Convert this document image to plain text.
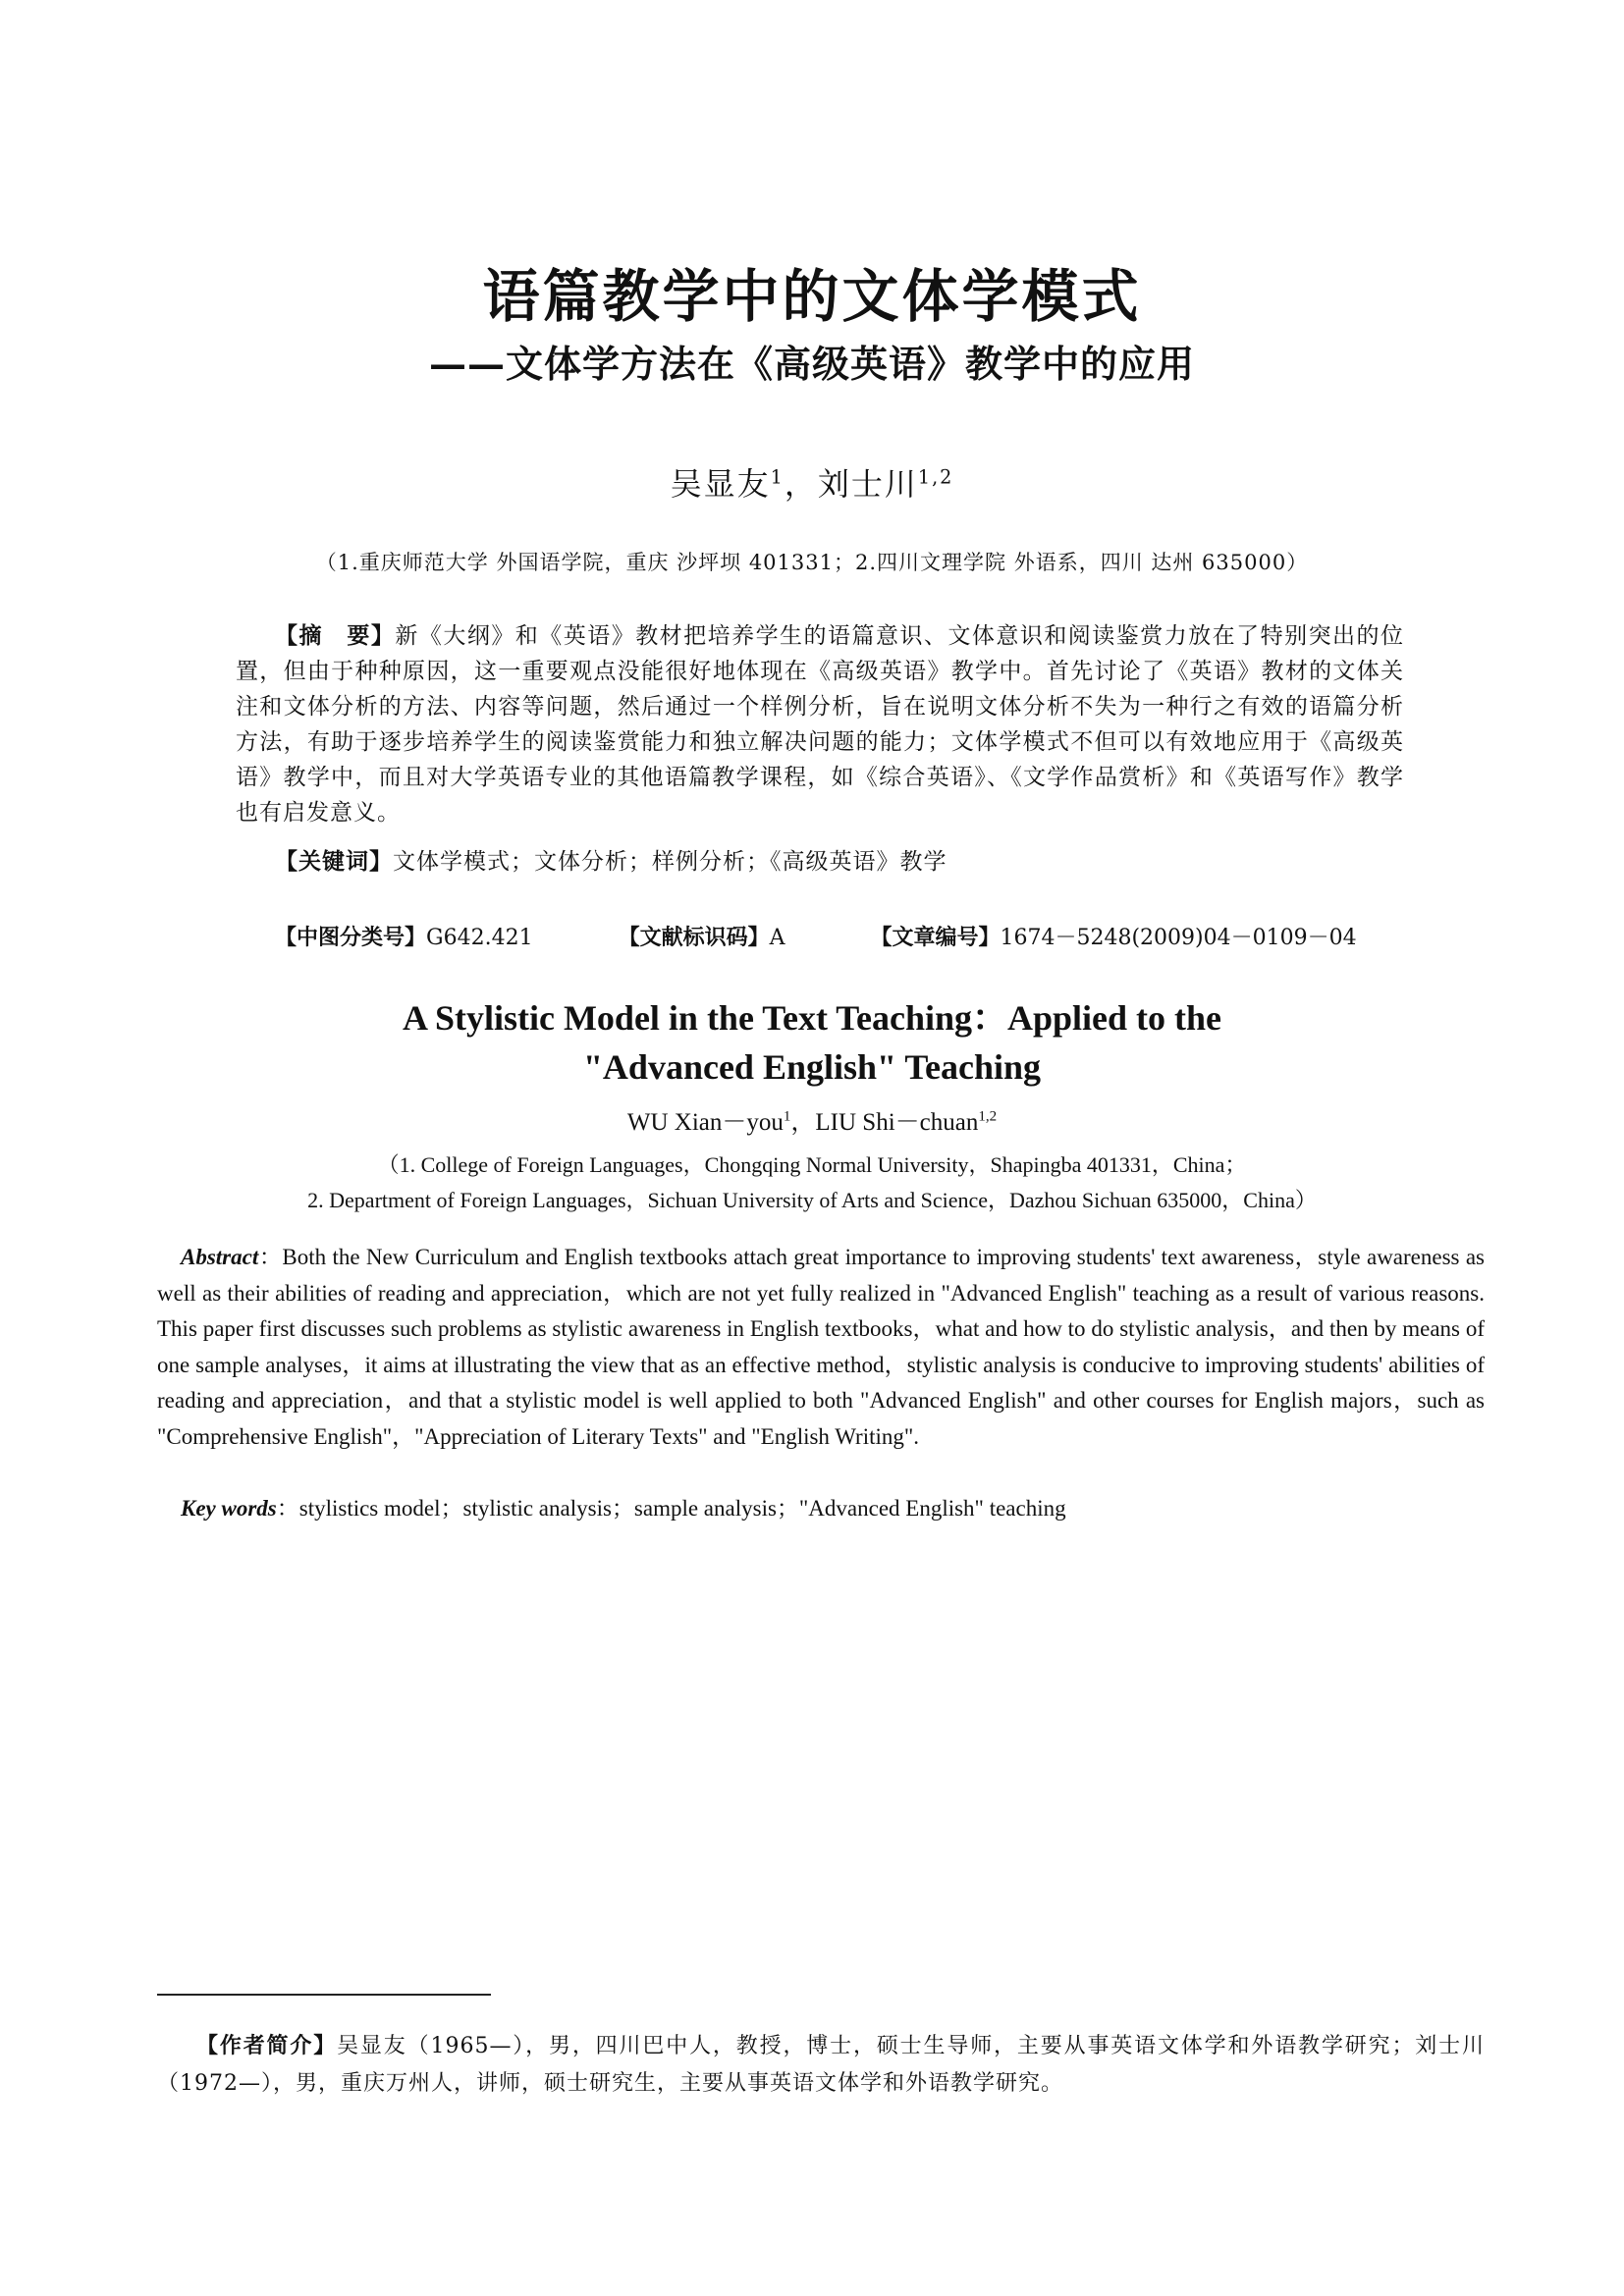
语篇教学中的文体学模式
——文体学方法在《高级英语》教学中的应用
吴显友$^1$，刘士川$^{1,2}$
（1.重庆师范大学 外国语学院，重庆 沙坪坝 401331；2.四川文理学院 外语系，四川 达州 635000）
【摘　要】新《大纲》和《英语》教材把培养学生的语篇意识、文体意识和阅读鉴赏力放在了特别突出的位置，但由于种种原因，这一重要观点没能很好地体现在《高级英语》教学中。首先讨论了《英语》教材的文体关注和文体分析的方法、内容等问题，然后通过一个样例分析，旨在说明文体分析不失为一种行之有效的语篇分析方法，有助于逐步培养学生的阅读鉴赏能力和独立解决问题的能力；文体学模式不但可以有效地应用于《高级英语》教学中，而且对大学英语专业的其他语篇教学课程，如《综合英语》、《文学作品赏析》和《英语写作》教学也有启发意义。
【关键词】文体学模式；文体分析；样例分析；《高级英语》教学
【中图分类号】G642.421	【文献标识码】A	【文章编号】1674－5248(2009)04－0109－04
A Stylistic Model in the Text Teaching：Applied to the
"Advanced English" Teaching
WU Xian－you$^1$，LIU Shi－chuan$^{1,2}$
（1. College of Foreign Languages，Chongqing Normal University，Shapingba 401331，China；
2. Department of Foreign Languages，Sichuan University of Arts and Science，Dazhou Sichuan 635000，China）
Abstract：Both the New Curriculum and English textbooks attach great importance to improving students' text awareness，style awareness as well as their abilities of reading and appreciation，which are not yet fully realized in "Advanced English" teaching as a result of various reasons. This paper first discusses such problems as stylistic awareness in English textbooks，what and how to do stylistic analysis，and then by means of one sample analyses，it aims at illustrating the view that as an effective method，stylistic analysis is conducive to improving students' abilities of reading and appreciation，and that a stylistic model is well applied to both "Advanced English" and other courses for English majors，such as "Comprehensive English"，"Appreciation of Literary Texts" and "English Writing".
Key words：stylistics model；stylistic analysis；sample analysis；"Advanced English" teaching
【作者简介】吴显友（1965—），男，四川巴中人，教授，博士，硕士生导师，主要从事英语文体学和外语教学研究；刘士川（1972—），男，重庆万州人，讲师，硕士研究生，主要从事英语文体学和外语教学研究。
